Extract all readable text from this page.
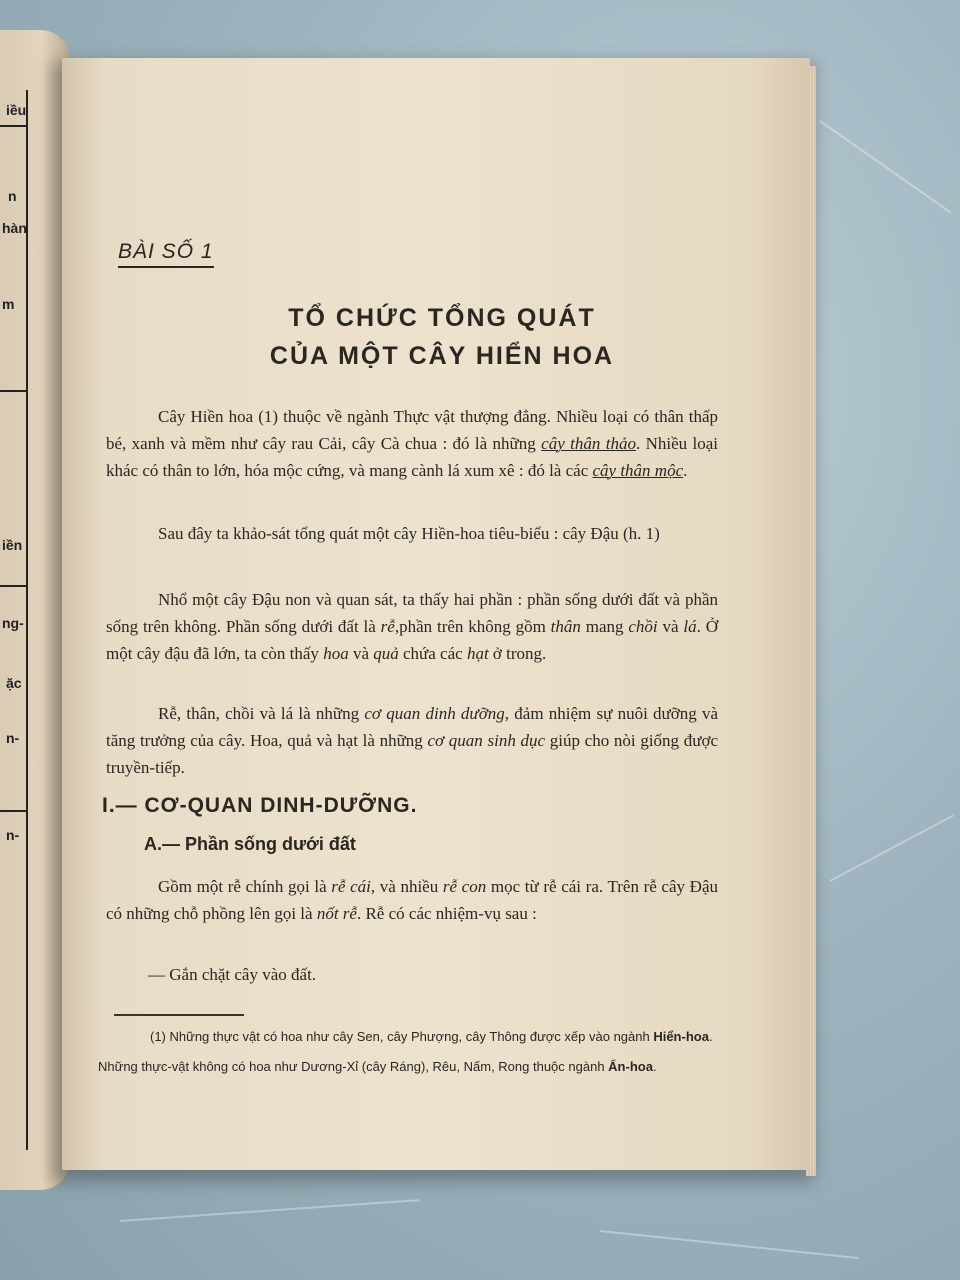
iều
n
hàn
m
iền
ng-
ặc
n-
n-
BÀI SỐ 1
TỔ CHỨC TỔNG QUÁT
CỦA MỘT CÂY HIỂN HOA
Cây Hiền hoa (1) thuộc về ngành Thực vật thượng đẳng. Nhiều loại có thân thấp bé, xanh và mềm như cây rau Cải, cây Cà chua : đó là những cây thân thảo. Nhiều loại khác có thân to lớn, hóa mộc cứng, và mang cành lá xum xê : đó là các cây thân mộc.
Sau đây ta khảo-sát tổng quát một cây Hiền-hoa tiêu-biểu : cây Đậu (h. 1)
Nhổ một cây Đậu non và quan sát, ta thấy hai phần : phần sống dưới đất và phần sống trên không. Phần sống dưới đất là rễ,phần trên không gồm thân mang chồi và lá. Ở một cây đậu đã lớn, ta còn thấy hoa và quả chứa các hạt ở trong.
Rễ, thân, chồi và lá là những cơ quan dinh dưỡng, đảm nhiệm sự nuôi dưỡng và tăng trưởng của cây. Hoa, quả và hạt là những cơ quan sinh dục giúp cho nòi giống được truyền-tiếp.
I.— CƠ-QUAN DINH-DƯỠNG.
A.— Phần sống dưới đất
Gồm một rễ chính gọi là rễ cái, và nhiều rễ con mọc từ rễ cái ra. Trên rễ cây Đậu có những chỗ phồng lên gọi là nốt rễ. Rễ có các nhiệm-vụ sau :
— Gắn chặt cây vào đất.
(1) Những thực vật có hoa như cây Sen, cây Phượng, cây Thông được xếp vào ngành Hiển-hoa. Những thực-vật không có hoa như Dương-Xỉ (cây Ráng), Rêu, Nấm, Rong thuộc ngành Ẩn-hoa.
